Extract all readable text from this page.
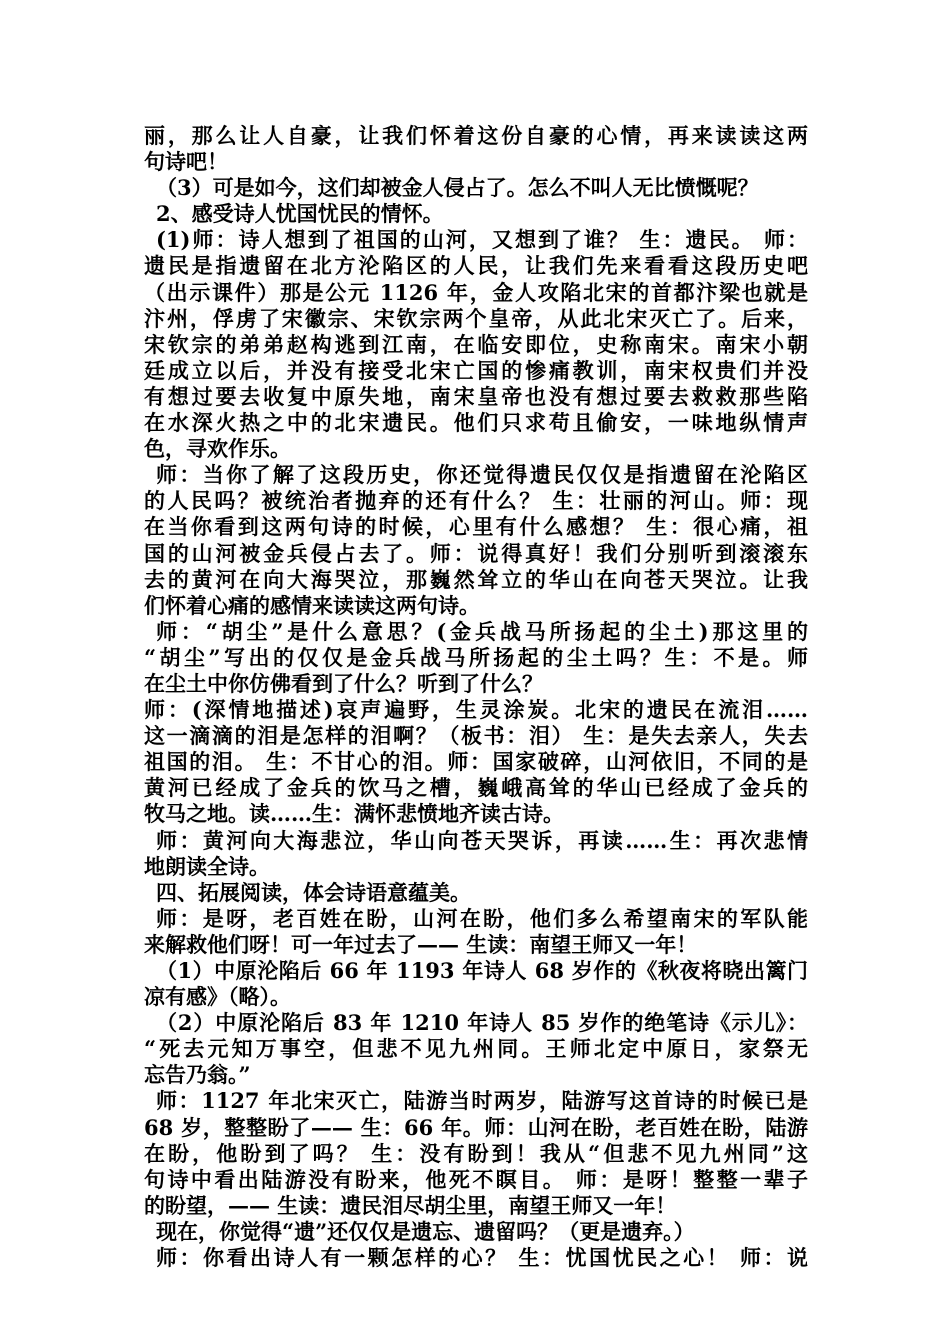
丽，那么让人自豪，让我们怀着这份自豪的心情，再来读读这两
句诗吧！
（3）可是如今，这们却被金人侵占了。怎么不叫人无比愤慨呢？
2、感受诗人忧国忧民的情怀。
(1)师：诗人想到了祖国的山河，又想到了谁？ 生：遗民。 师：
遗民是指遗留在北方沦陷区的人民，让我们先来看看这段历史吧
（出示课件）那是公元 1126 年，金人攻陷北宋的首都汴梁也就是
汴州，俘虏了宋徽宗、宋钦宗两个皇帝，从此北宋灭亡了。后来，
宋钦宗的弟弟赵构逃到江南，在临安即位，史称南宋。南宋小朝
廷成立以后，并没有接受北宋亡国的惨痛教训，南宋权贵们并没
有想过要去收复中原失地，南宋皇帝也没有想过要去救救那些陷
在水深火热之中的北宋遗民。他们只求苟且偷安，一味地纵情声
色，寻欢作乐。
师：当你了解了这段历史，你还觉得遗民仅仅是指遗留在沦陷区
的人民吗？被统治者抛弃的还有什么？ 生：壮丽的河山。师：现
在当你看到这两句诗的时候，心里有什么感想？ 生：很心痛，祖
国的山河被金兵侵占去了。师：说得真好！我们分别听到滚滚东
去的黄河在向大海哭泣，那巍然耸立的华山在向苍天哭泣。让我
们怀着心痛的感情来读读这两句诗。
师：“胡尘”是什么意思？(金兵战马所扬起的尘土)那这里的
“胡尘”写出的仅仅是金兵战马所扬起的尘土吗？生：不是。师
在尘土中你仿佛看到了什么？听到了什么？
师：(深情地描述)哀声遍野，生灵涂炭。北宋的遗民在流泪……
这一滴滴的泪是怎样的泪啊？（板书：泪） 生：是失去亲人，失去
祖国的泪。 生：不甘心的泪。师：国家破碎，山河依旧，不同的是
黄河已经成了金兵的饮马之槽，巍峨高耸的华山已经成了金兵的
牧马之地。读……生：满怀悲愤地齐读古诗。
师：黄河向大海悲泣，华山向苍天哭诉，再读……生：再次悲情
地朗读全诗。
四、拓展阅读，体会诗语意蕴美。
师：是呀，老百姓在盼，山河在盼，他们多么希望南宋的军队能
来解救他们呀！可一年过去了—— 生读：南望王师又一年！
（1）中原沦陷后 66 年 1193 年诗人 68 岁作的《秋夜将晓出篱门
凉有感》（略）。
（2）中原沦陷后 83 年 1210 年诗人 85 岁作的绝笔诗《示儿》：
“死去元知万事空，但悲不见九州同。王师北定中原日，家祭无
忘告乃翁。”
师：1127 年北宋灭亡，陆游当时两岁，陆游写这首诗的时候已是
68 岁，整整盼了—— 生：66 年。师：山河在盼，老百姓在盼，陆游
在盼，他盼到了吗？ 生：没有盼到！我从“但悲不见九州同”这
句诗中看出陆游没有盼来，他死不瞑目。 师：是呀！整整一辈子
的盼望，—— 生读：遗民泪尽胡尘里，南望王师又一年！
现在，你觉得“遗”还仅仅是遗忘、遗留吗？（更是遗弃。）
师：你看出诗人有一颗怎样的心？ 生：忧国忧民之心！ 师：说
